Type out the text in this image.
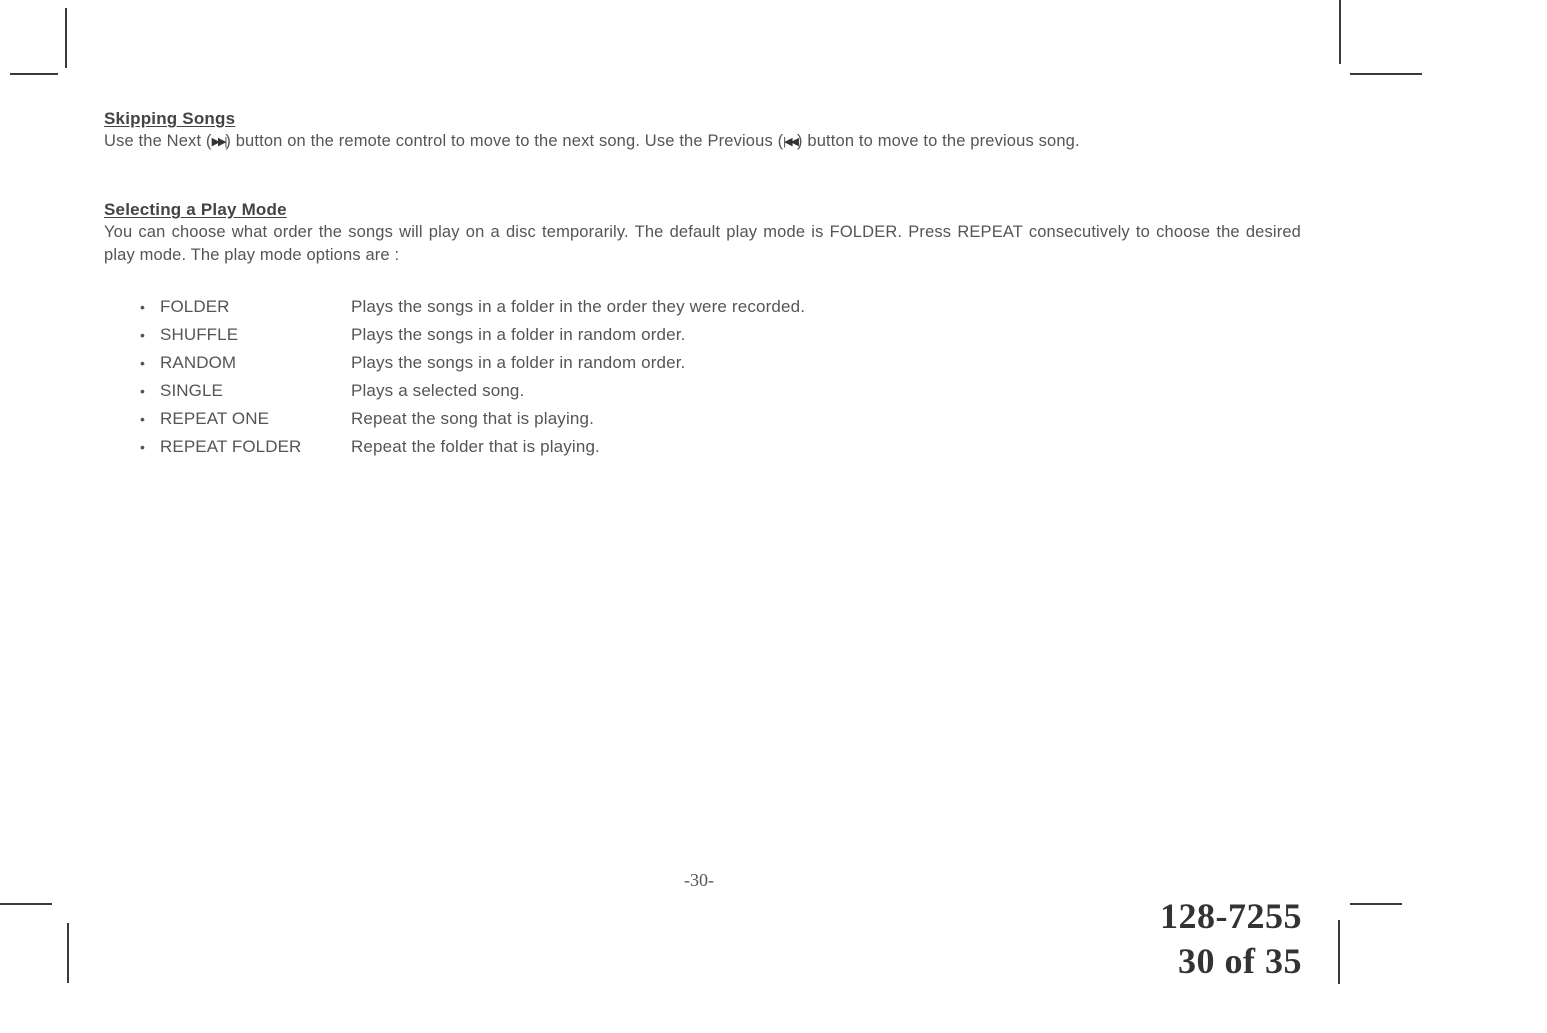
Skipping Songs
Use the Next (▶▶|) button on the remote control to move to the next song. Use the Previous (|◀◀) button to move to the previous song.
Selecting a Play Mode
You can choose what order the songs will play on a disc temporarily. The default play mode is FOLDER. Press REPEAT consecutively to choose the desired play mode. The play mode options are :
• FOLDER	Plays the songs in a folder in the order they were recorded.
• SHUFFLE	Plays the songs in a folder in random order.
• RANDOM	Plays the songs in a folder in random order.
• SINGLE	Plays a selected song.
• REPEAT ONE	Repeat the song that is playing.
• REPEAT FOLDER	Repeat the folder that is playing.
-30-
128-7255
30 of 35
